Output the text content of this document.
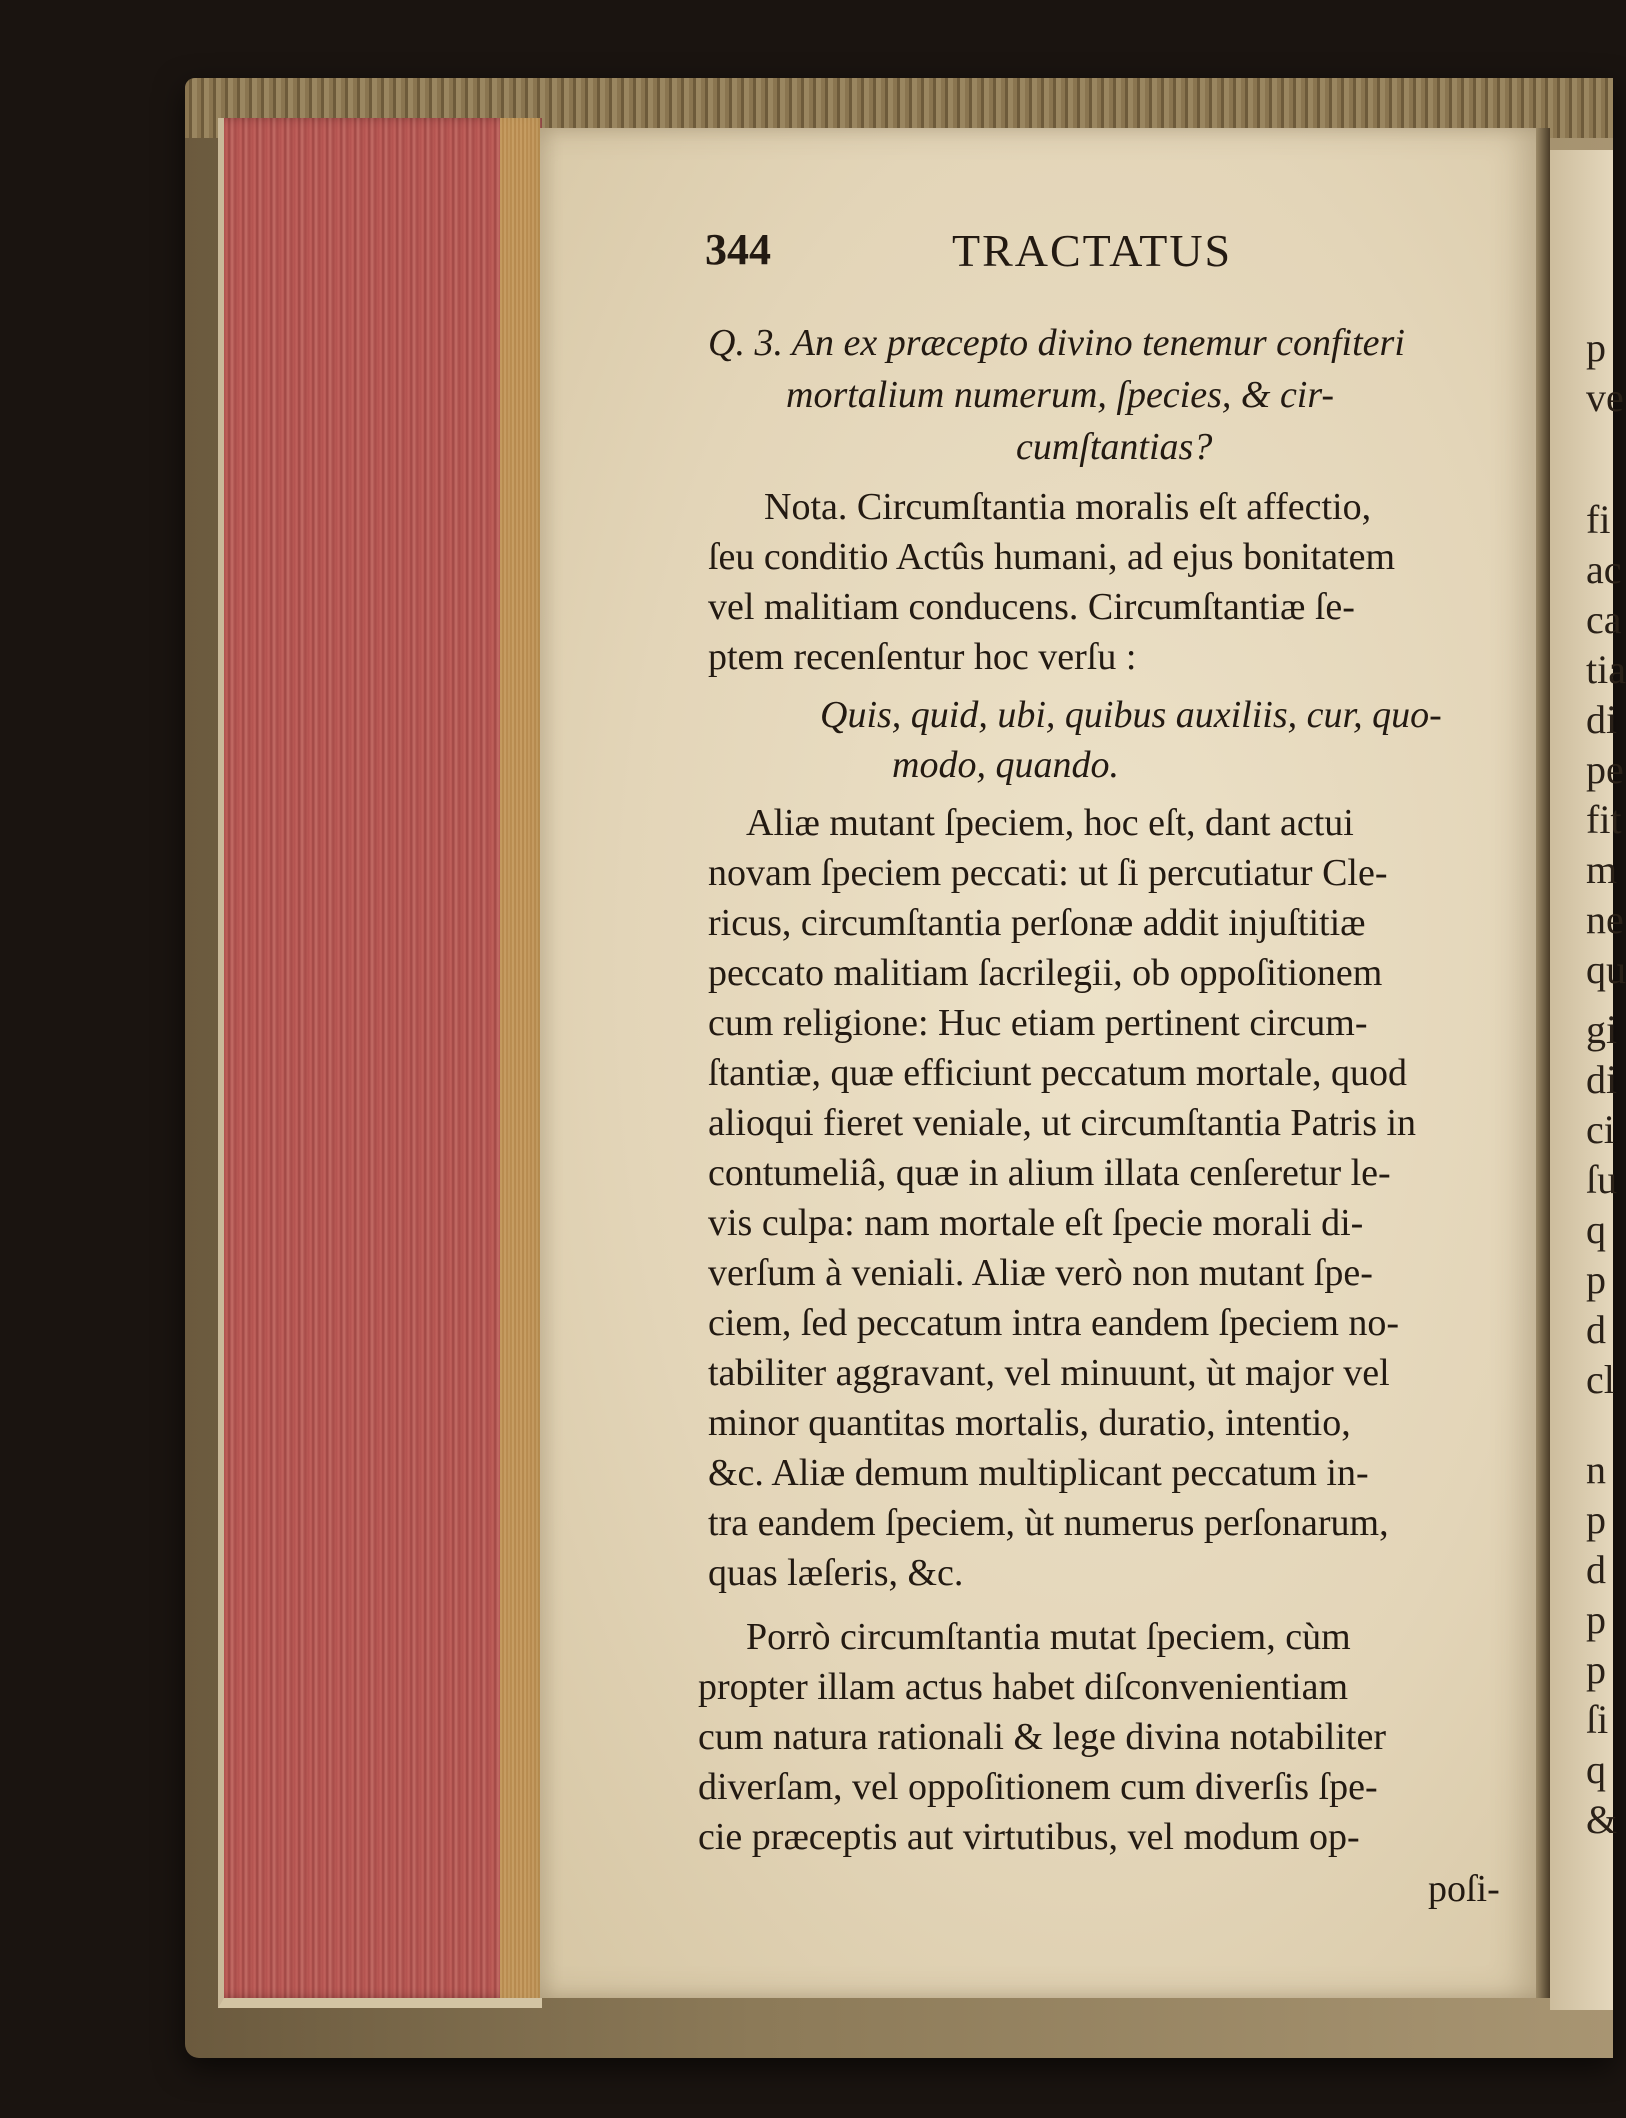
344	TRACTATUS
Q. 3. An ex præcepto divino tenemur confiteri
mortalium numerum, ſpecies, & cir-
cumſtantias?
Nota. Circumſtantia moralis eſt affectio,
ſeu conditio Actûs humani, ad ejus bonitatem
vel malitiam conducens. Circumſtantiæ ſe-
ptem recenſentur hoc verſu :
Quis, quid, ubi, quibus auxiliis, cur, quo-
modo, quando.
Aliæ mutant ſpeciem, hoc eſt, dant actui
novam ſpeciem peccati: ut ſi percutiatur Cle-
ricus, circumſtantia perſonæ addit injuſtitiæ
peccato malitiam ſacrilegii, ob oppoſitionem
cum religione: Huc etiam pertinent circum-
ſtantiæ, quæ efficiunt peccatum mortale, quod
alioqui fieret veniale, ut circumſtantia Patris in
contumeliâ, quæ in alium illata cenſeretur le-
vis culpa: nam mortale eſt ſpecie morali di-
verſum à veniali. Aliæ verò non mutant ſpe-
ciem, ſed peccatum intra eandem ſpeciem no-
tabiliter aggravant, vel minuunt, ùt major vel
minor quantitas mortalis, duratio, intentio,
&c. Aliæ demum multiplicant peccatum in-
tra eandem ſpeciem, ùt numerus perſonarum,
quas læſeris, &c.
Porrò circumſtantia mutat ſpeciem, cùm
propter illam actus habet diſconvenientiam
cum natura rationali & lege divina notabiliter
diverſam, vel oppoſitionem cum diverſis ſpe-
cie præceptis aut virtutibus, vel modum op-
poſi-
p
ve
fi
ac
ca
tia
di
pe
fit
m
ne
qu
gi
di
ci
ſu
q
p
d
cl
n
p
d
p
p
ſi
q
&
